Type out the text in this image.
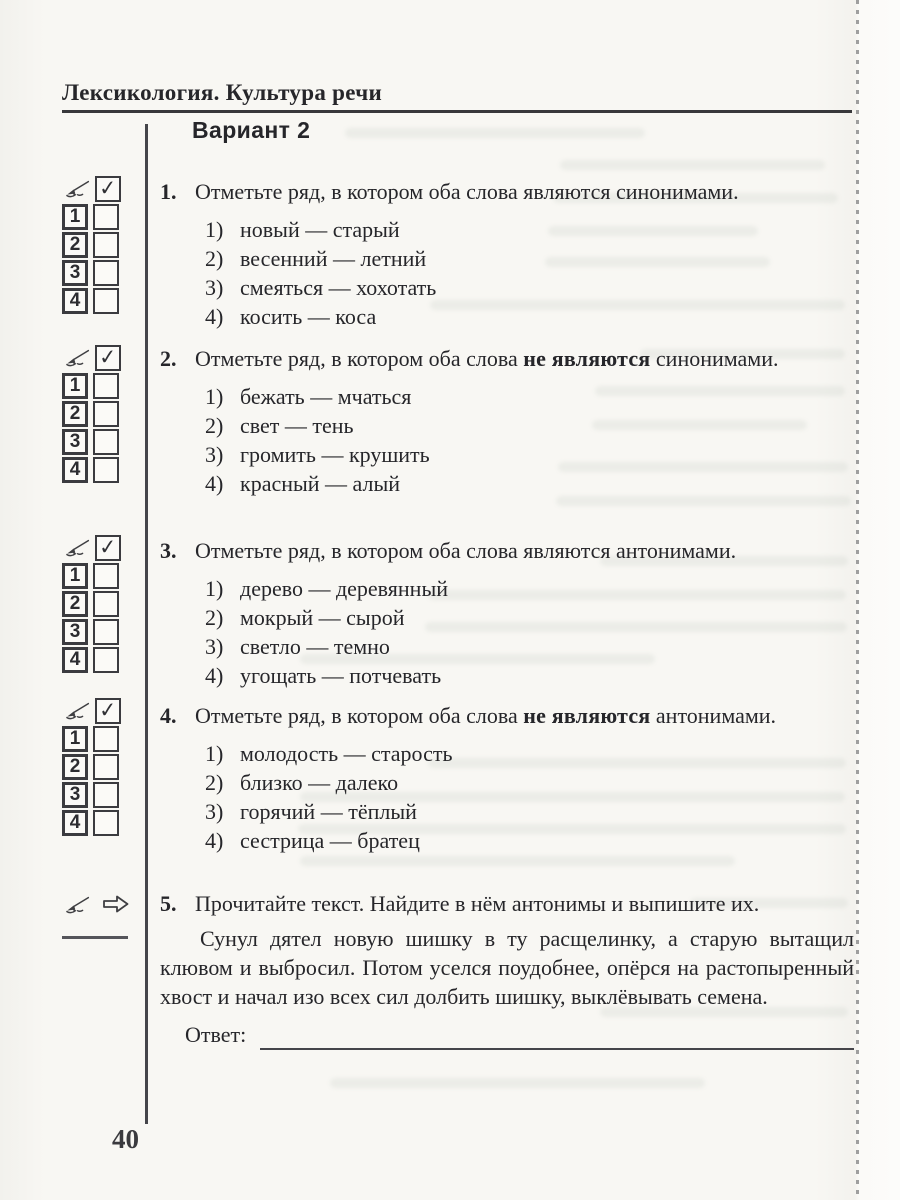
Лексикология. Культура речи
Вариант 2
✓
1
2
3
4
✓
1
2
3
4
✓
1
2
3
4
✓
1
2
3
4
1. Отметьте ряд, в котором оба слова являются синонимами.
1) новый — старый
2) весенний — летний
3) смеяться — хохотать
4) косить — коса
2. Отметьте ряд, в котором оба слова не являются синонимами.
1) бежать — мчаться
2) свет — тень
3) громить — крушить
4) красный — алый
3. Отметьте ряд, в котором оба слова являются антонимами.
1) дерево — деревянный
2) мокрый — сырой
3) светло — темно
4) угощать — потчевать
4. Отметьте ряд, в котором оба слова не являются антонимами.
1) молодость — старость
2) близко — далеко
3) горячий — тёплый
4) сестрица — братец
5. Прочитайте текст. Найдите в нём антонимы и выпишите их.

Сунул дятел новую шишку в ту расщелинку, а старую вытащил клювом и выбросил. Потом уселся поудобнее, опёрся на растопыренный хвост и начал изо всех сил долбить шишку, выклёвывать семена.

Ответ:
40
